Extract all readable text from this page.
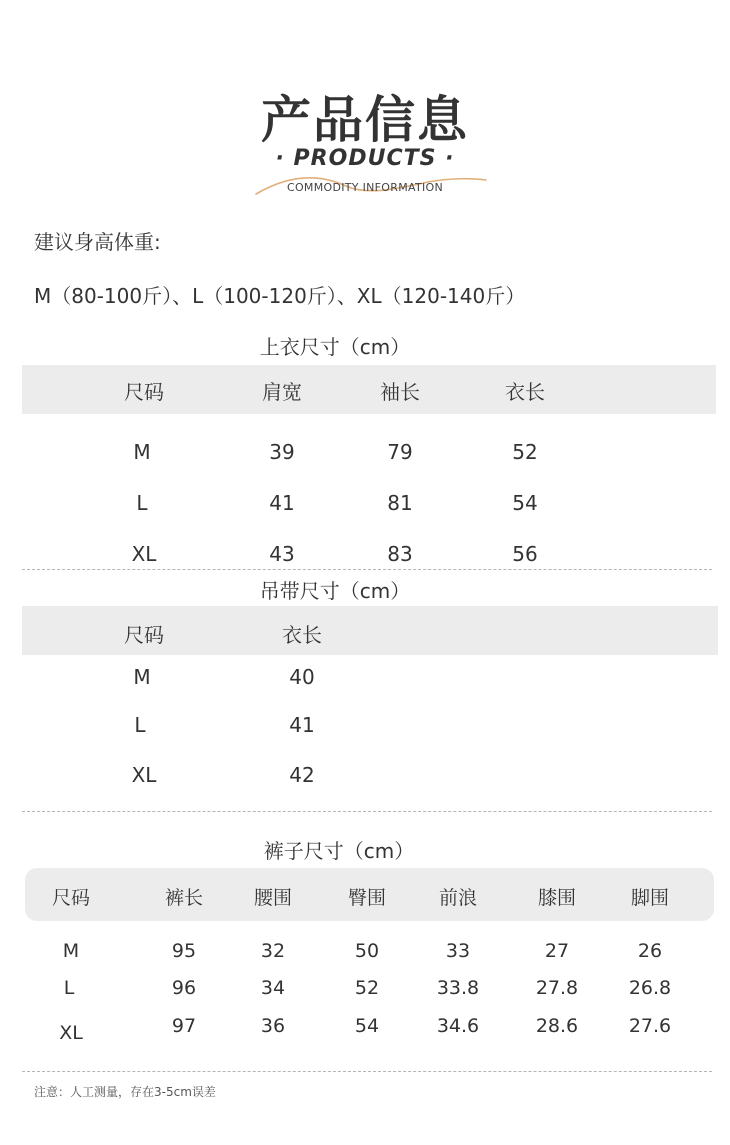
产品信息
· PRODUCTS ·
COMMODITY INFORMATION
建议身高体重:
M（80-100斤）、L（100-120斤）、XL（120-140斤）
上衣尺寸（cm）
尺码	肩宽	袖长	衣长
M	39	79	52
L	41	81	54
XL	43	83	56
吊带尺寸（cm）
尺码	衣长
M	40
L	41
XL	42
裤子尺寸（cm）
尺码	裤长	腰围	臀围	前浪	膝围	脚围
M	95	32	50	33	27	26
L	96	34	52	33.8	27.8	26.8
XL	97	36	54	34.6	28.6	27.6
注意：人工测量，存在3-5cm误差
